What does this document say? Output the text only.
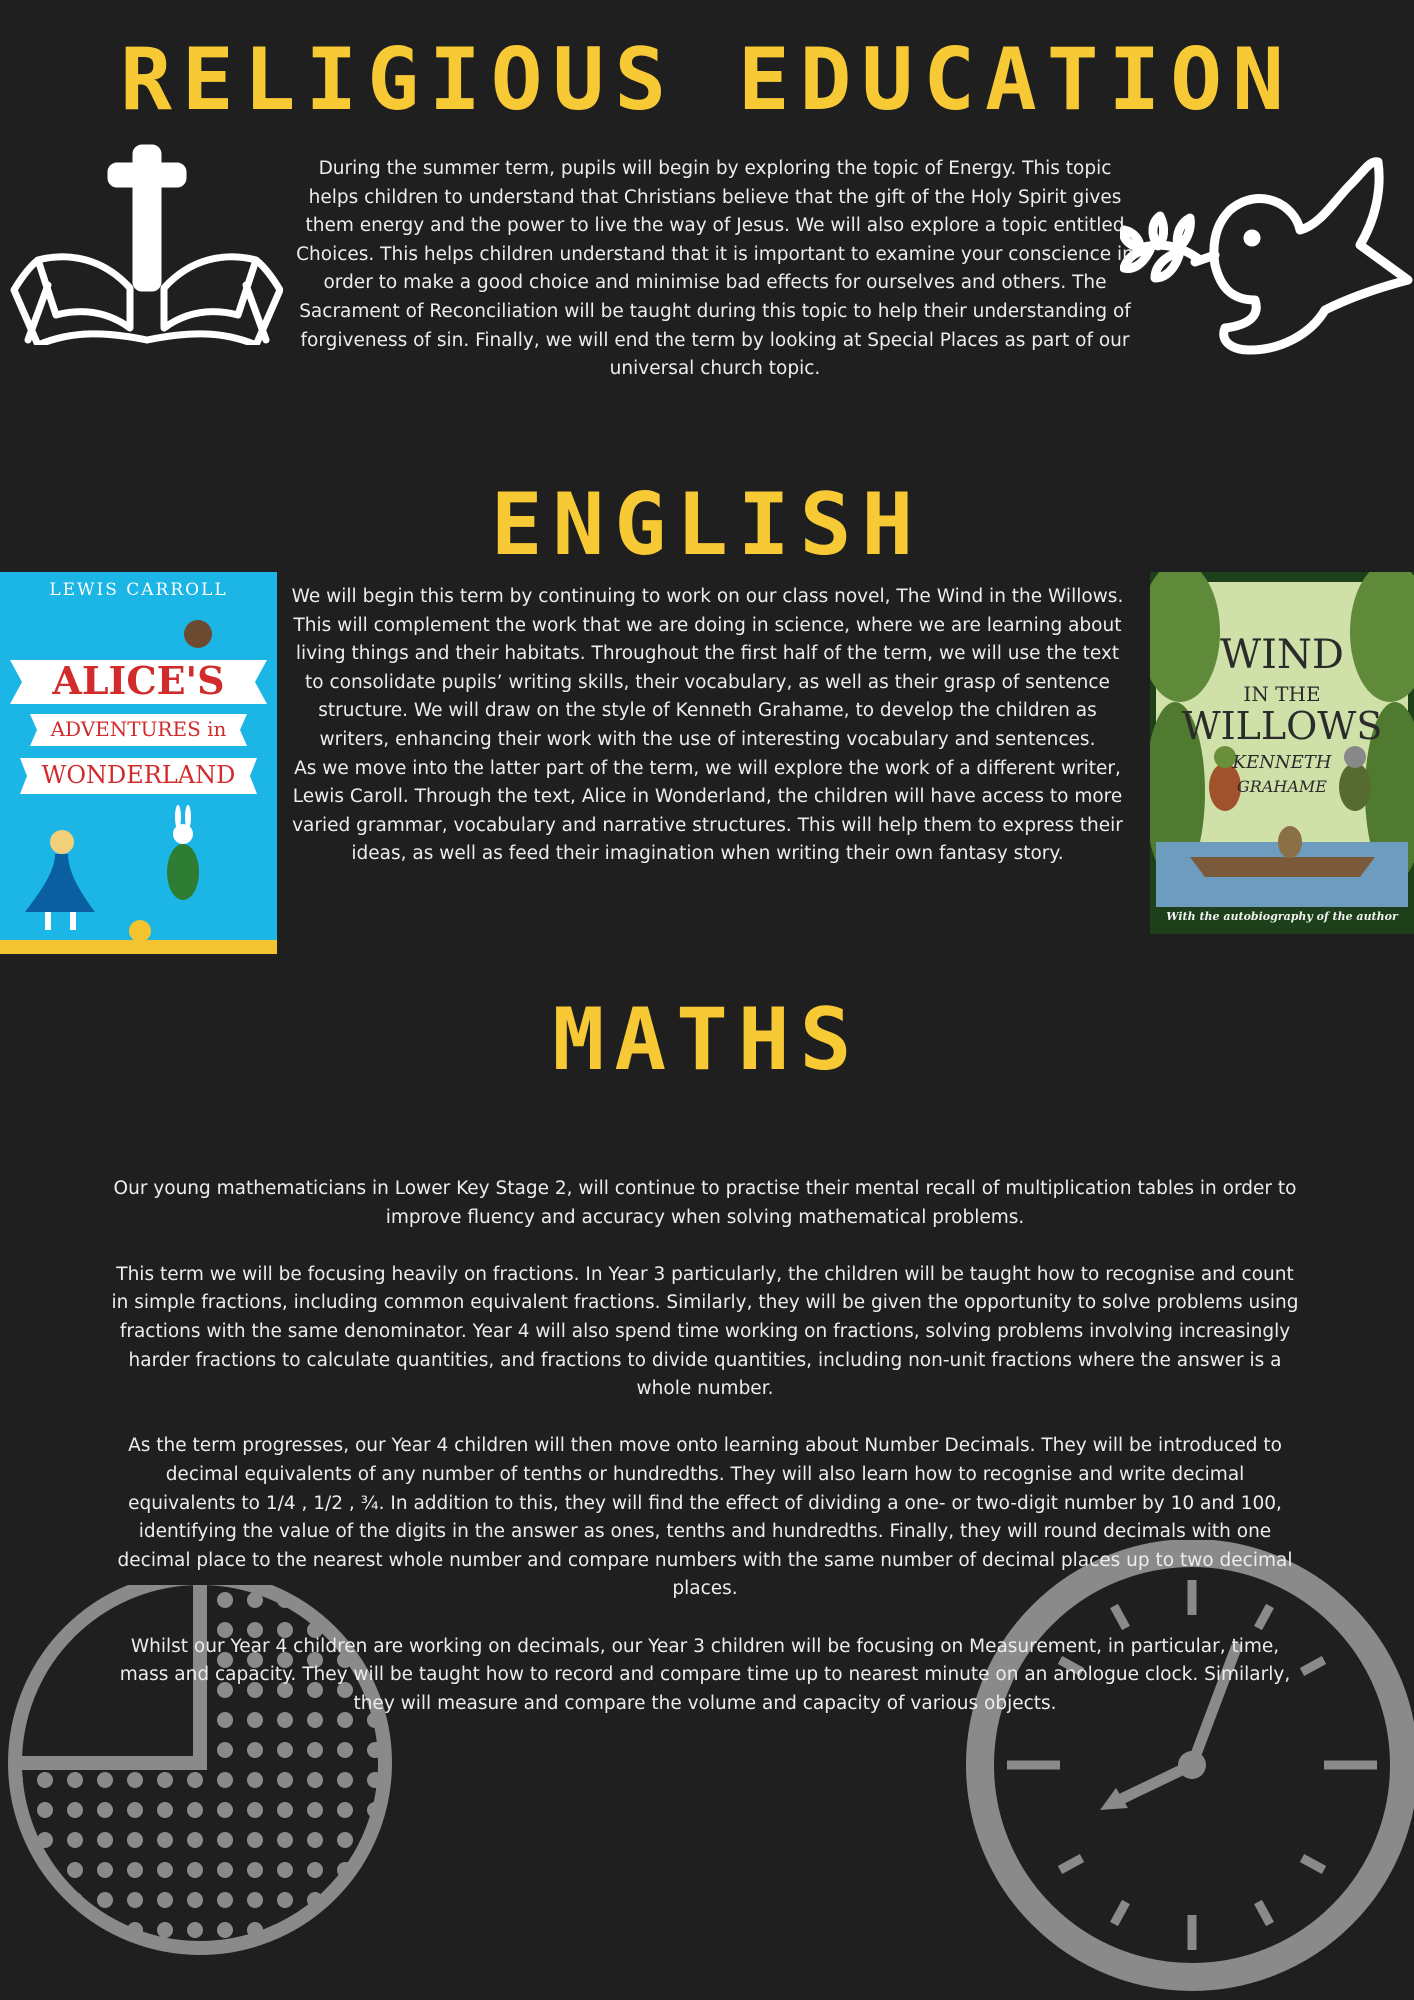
RELIGIOUS EDUCATION
During the summer term, pupils will begin by exploring the topic of Energy. This topic helps children to understand that Christians believe that the gift of the Holy Spirit gives them energy and the power to live the way of Jesus. We will also explore a topic entitled Choices. This helps children understand that it is important to examine your conscience in order to make a good choice and minimise bad effects for ourselves and others. The Sacrament of Reconciliation will be taught during this topic to help their understanding of forgiveness of sin. Finally, we will end the term by looking at Special Places as part of our universal church topic.
ENGLISH
LEWIS CARROLL
ALICE'S
ADVENTURES in
WONDERLAND
WIND
IN THE
WILLOWS
KENNETH
GRAHAME
With the autobiography of the author

We will begin this term by continuing to work on our class novel, The Wind in the Willows. This will complement the work that we are doing in science, where we are learning about living things and their habitats. Throughout the first half of the term, we will use the text to consolidate pupils’ writing skills, their vocabulary, as well as their grasp of sentence structure. We will draw on the style of Kenneth Grahame, to develop the children as writers, enhancing their work with the use of interesting vocabulary and sentences.

As we move into the latter part of the term, we will explore the work of a different writer, Lewis Caroll. Through the text, Alice in Wonderland, the children will have access to more varied grammar, vocabulary and narrative structures. This will help them to express their ideas, as well as feed their imagination when writing their own fantasy story.

MATHS

Our young mathematicians in Lower Key Stage 2, will continue to practise their mental recall of multiplication tables in order to improve fluency and accuracy when solving mathematical problems.

This term we will be focusing heavily on fractions. In Year 3 particularly, the children will be taught how to recognise and count in simple fractions, including common equivalent fractions. Similarly, they will be given the opportunity to solve problems using fractions with the same denominator. Year 4 will also spend time working on fractions, solving problems involving increasingly harder fractions to calculate quantities, and fractions to divide quantities, including non-unit fractions where the answer is a whole number.

As the term progresses, our Year 4 children will then move onto learning about Number Decimals. They will be introduced to decimal equivalents of any number of tenths or hundredths. They will also learn how to recognise and write decimal equivalents to 1/4 , 1/2 , ¾. In addition to this, they will find the effect of dividing a one- or two-digit number by 10 and 100, identifying the value of the digits in the answer as ones, tenths and hundredths. Finally, they will round decimals with one decimal place to the nearest whole number and compare numbers with the same number of decimal places up to two decimal places.

Whilst our Year 4 children are working on decimals, our Year 3 children will be focusing on Measurement, in particular, time, mass and capacity. They will be taught how to record and compare time up to nearest minute on an anologue clock. Similarly, they will measure and compare the volume and capacity of various objects.
